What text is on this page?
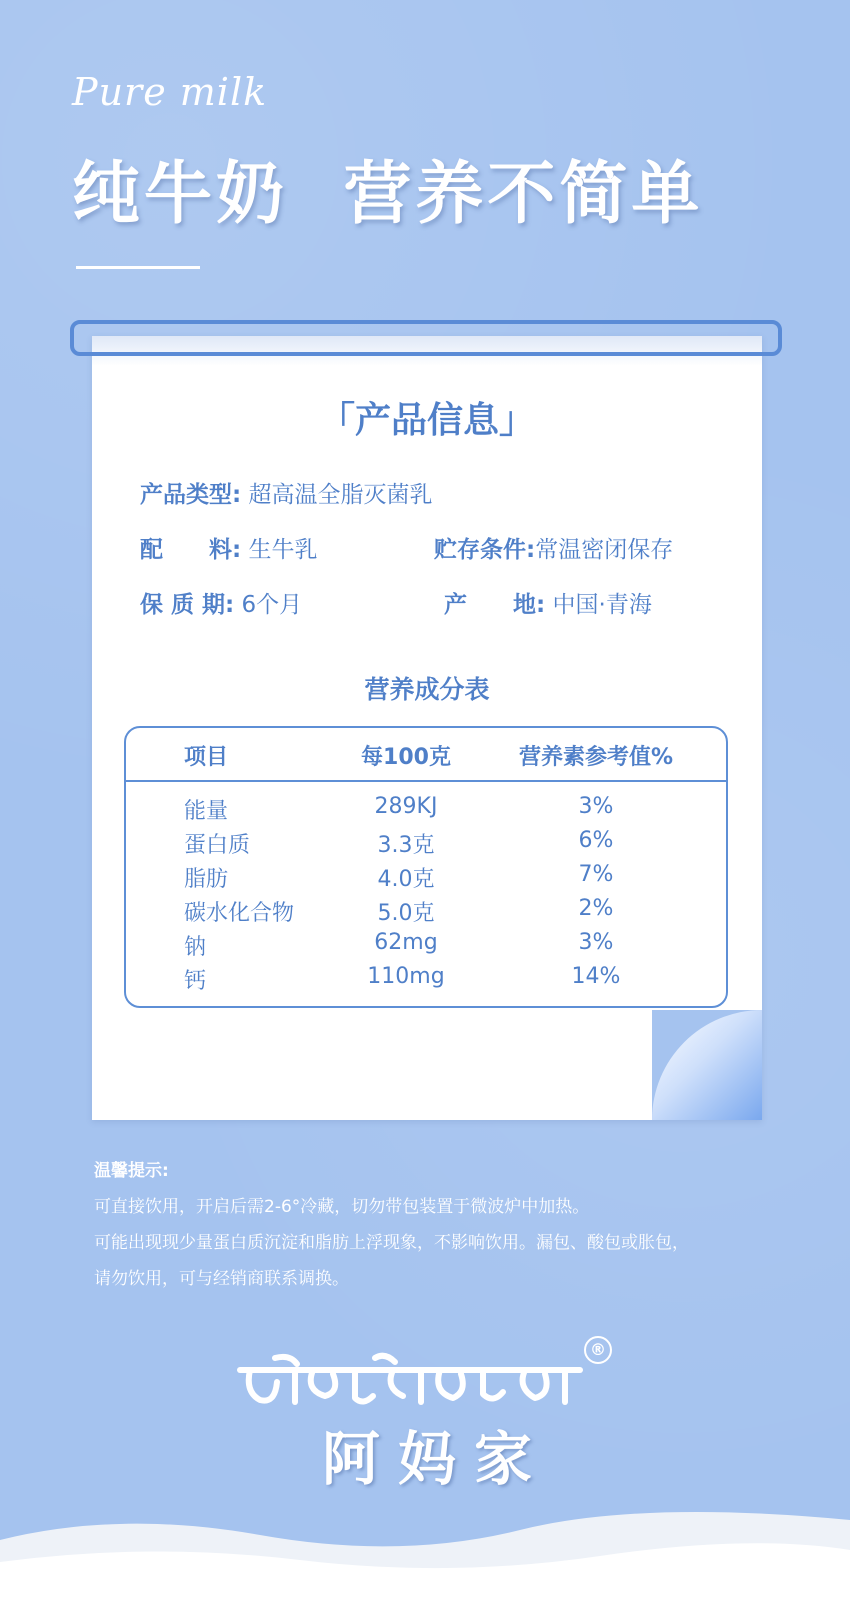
Pure milk
纯牛奶  营养不简单
「产品信息」
产品类型: 超高温全脂灭菌乳
配　　料: 生牛乳	贮存条件:常温密闭保存
保 质 期: 6个月	产　　地: 中国·青海
营养成分表
项目	每100克	营养素参考值%
能量	289KJ	3%
蛋白质	3.3克	6%
脂肪	4.0克	7%
碳水化合物	5.0克	2%
钠	62mg	3%
钙	110mg	14%
温馨提示:
可直接饮用，开启后需2-6°冷藏，切勿带包装置于微波炉中加热。
可能出现现少量蛋白质沉淀和脂肪上浮现象，不影响饮用。漏包、酸包或胀包，
请勿饮用，可与经销商联系调换。
阿妈家
®
